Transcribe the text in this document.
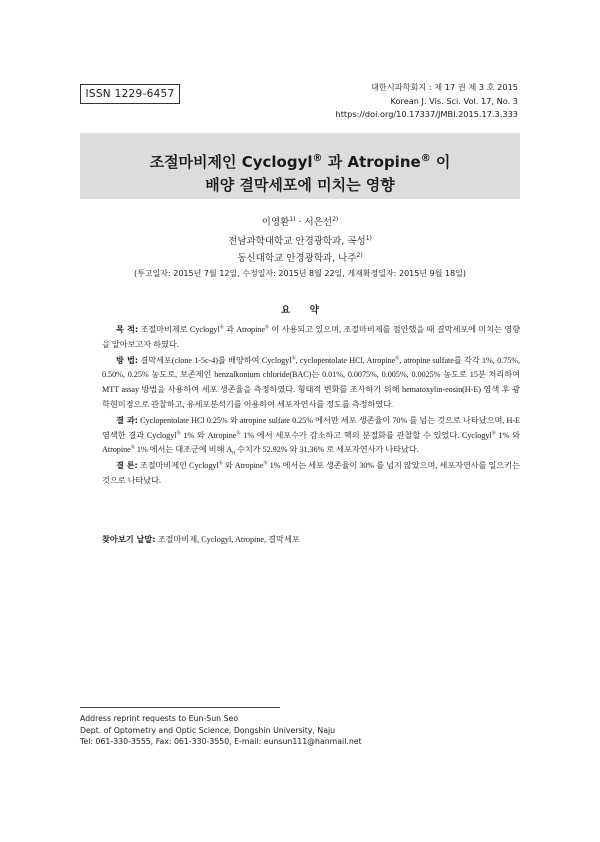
ISSN 1229-6457
대한시과학회지 : 제 17 권 제 3 호 2015
Korean J. Vis. Sci. Vol. 17, No. 3
https://doi.org/10.17337/JMBI.2015.17.3.333
조절마비제인 Cyclogyl® 과 Atropine® 이
배양 결막세포에 미치는 영향
이영환$^{1)}$ · 서은선$^{2)}$
전남과학대학교 안경광학과, 곡성$^{1)}$
동신대학교 안경광학과, 나주$^{2)}$
(투고일자: 2015년 7월 12일, 수정일자: 2015년 8월 22일, 게재확정일자: 2015년 9월 18일)
요 약

목 적: 조절마비제로 Cyclogyl® 과 Atropine® 이 사용되고 있으며, 조절마비제를 점안했을 때 결막세포에 미치는 영향을 알아보고자 하였다.

방 법: 결막세포(clone 1-5c-4)를 배양하여 Cyclogyl®, cyclopentolate HCl, Atropine®, atropine sulfate를 각각 1%, 0.75%, 0.50%, 0.25% 농도로, 보존제인 benzalkonium chloride(BAC)는 0.01%, 0.0075%, 0.005%, 0.0025% 농도로 15분 처리하여 MTT assay 방법을 사용하여 세포 생존율을 측정하였다. 형태적 변화를 조사하기 위해 hematoxylin-eosin(H-E) 염색 후 광학현미경으로 관찰하고, 유세포분석기를 이용하여 세포자연사를 정도를 측정하였다.

결 과: Cyclopentolate HCl 0.25% 와 atropine sulfate 0.25% 에서만 세포 생존율이 70% 를 넘는 것으로 나타났으며, H-E 염색한 결과 Cyclogyl® 1% 와 Atropine® 1% 에서 세포수가 감소하고 핵의 분절화를 관찰할 수 있었다. Cyclogyl® 1% 와 Atropine® 1% 에서는 대조군에 비해 $A_0$ 수치가 52.92% 와 31.36% 로 세포자연사가 나타났다.

결 론: 조절마비제인 Cyclogyl® 와 Atropine® 1% 에서는 세포 생존율이 30% 를 넘지 않았으며, 세포자연사를 일으키는 것으로 나타났다.

찾아보기 낱말: 조절마비제, Cyclogyl, Atropine, 결막세포
Address reprint requests to Eun-Sun Seo
Dept. of Optometry and Optic Science, Dongshin University, Naju
Tel: 061-330-3555, Fax: 061-330-3550, E-mail: eunsun111@hanmail.net
